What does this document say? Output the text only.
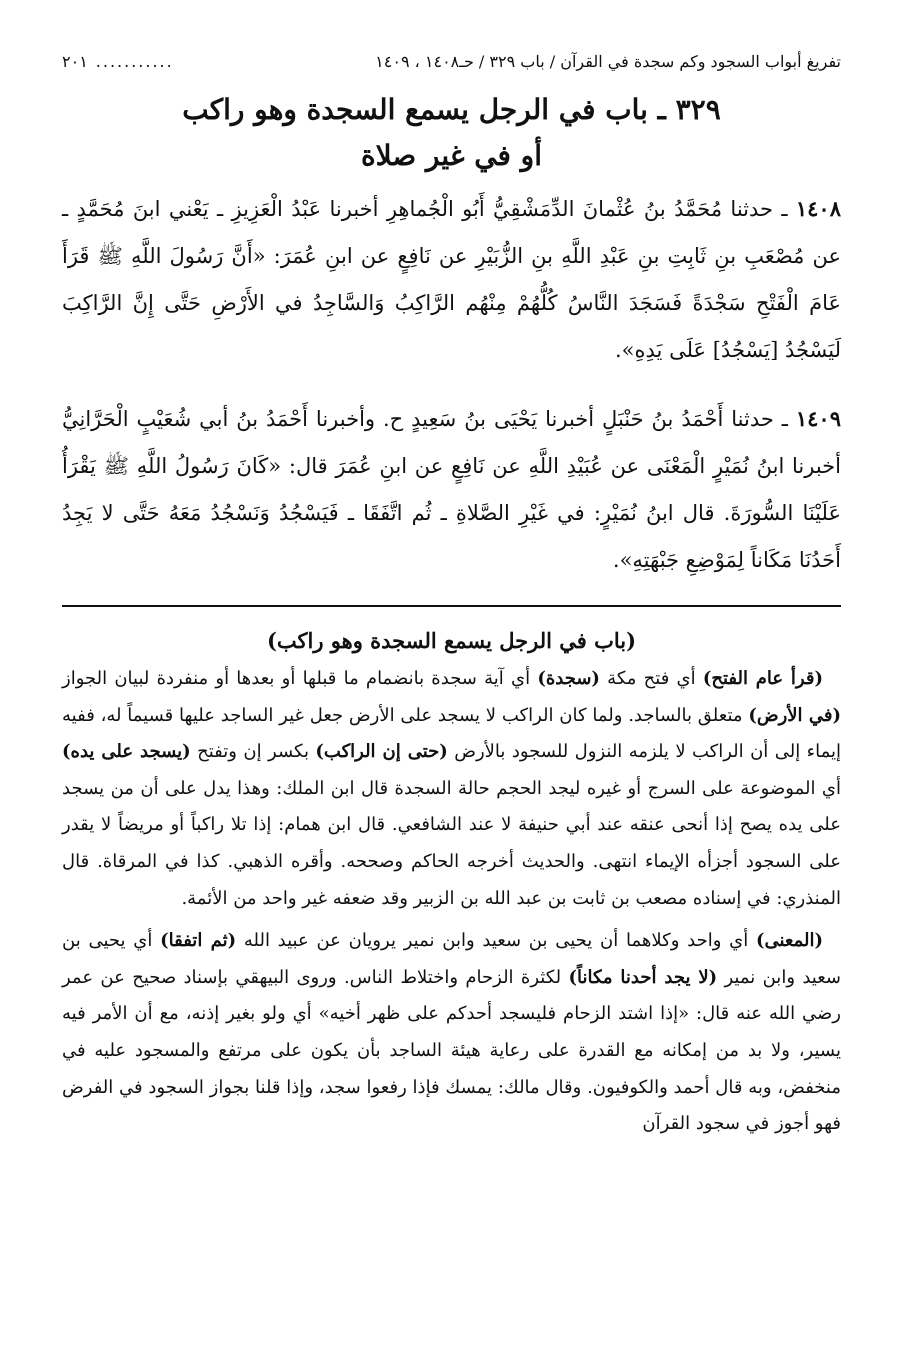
تفريغ أبواب السجود وكم سجدة في القرآن / باب ٣٢٩ / حـ١٤٠٨ ، ١٤٠٩
...........
٢٠١
٣٢٩ ـ باب في الرجل يسمع السجدة وهو راكب
أو في غير صلاة

١٤٠٨ ـ حدثنا مُحَمَّدُ بنُ عُثْمانَ الدِّمَشْقِيُّ أَبُو الْجُماهِرِ أخبرنا عَبْدُ الْعَزِيزِ ـ يَعْني ابنَ مُحَمَّدٍ ـ عن مُصْعَبِ بنِ ثَابِتِ بنِ عَبْدِ اللَّهِ بنِ الزُّبَيْرِ عن نَافِعٍ عن ابنِ عُمَرَ: «أَنَّ رَسُولَ اللَّهِ ﷺ قَرَأَ عَامَ الْفَتْحِ سَجْدَةً فَسَجَدَ النَّاسُ كُلُّهُمْ مِنْهُم الرَّاكِبُ وَالسَّاجِدُ في الأَرْضِ حَتَّى إِنَّ الرَّاكِبَ لَيَسْجُدُ [يَسْجُدُ] عَلَى يَدِهِ».

١٤٠٩ ـ حدثنا أَحْمَدُ بنُ حَنْبَلٍ أخبرنا يَحْيَى بنُ سَعِيدٍ ح. وأخبرنا أَحْمَدُ بنُ أبي شُعَيْبٍ الْحَرَّانِيُّ أخبرنا ابنُ نُمَيْرٍ الْمَعْنَى عن عُبَيْدِ اللَّهِ عن نَافِعٍ عن ابنِ عُمَرَ قال: «كَانَ رَسُولُ اللَّهِ ﷺ يَقْرَأُ عَلَيْنَا السُّورَةَ. قال ابنُ نُمَيْرٍ: في غَيْرِ الصَّلاةِ ـ ثُم اتَّفَقَا ـ فَيَسْجُدُ وَنَسْجُدُ مَعَهُ حَتَّى لا يَجِدُ أَحَدُنَا مَكَاناً لِمَوْضِعِ جَبْهَتِهِ».

(باب في الرجل يسمع السجدة وهو راكب)

(قرأ عام الفتح) أي فتح مكة (سجدة) أي آية سجدة بانضمام ما قبلها أو بعدها أو منفردة لبيان الجواز (في الأرض) متعلق بالساجد. ولما كان الراكب لا يسجد على الأرض جعل غير الساجد عليها قسيماً له، ففيه إيماء إلى أن الراكب لا يلزمه النزول للسجود بالأرض (حتى إن الراكب) بكسر إن وتفتح (يسجد على يده) أي الموضوعة على السرج أو غيره ليجد الحجم حالة السجدة قال ابن الملك: وهذا يدل على أن من يسجد على يده يصح إذا أنحى عنقه عند أبي حنيفة لا عند الشافعي. قال ابن همام: إذا تلا راكباً أو مريضاً لا يقدر على السجود أجزأه الإيماء انتهى. والحديث أخرجه الحاكم وصححه. وأقره الذهبي. كذا في المرقاة. قال المنذري: في إسناده مصعب بن ثابت بن عبد الله بن الزبير وقد ضعفه غير واحد من الأئمة.

(المعنى) أي واحد وكلاهما أن يحيى بن سعيد وابن نمير يرويان عن عبيد الله (ثم اتفقا) أي يحيى بن سعيد وابن نمير (لا يجد أحدنا مكاناً) لكثرة الزحام واختلاط الناس. وروى البيهقي بإسناد صحيح عن عمر رضي الله عنه قال: «إذا اشتد الزحام فليسجد أحدكم على ظهر أخيه» أي ولو بغير إذنه، مع أن الأمر فيه يسير، ولا بد من إمكانه مع القدرة على رعاية هيئة الساجد بأن يكون على مرتفع والمسجود عليه في منخفض، وبه قال أحمد والكوفيون. وقال مالك: يمسك فإذا رفعوا سجد، وإذا قلنا بجواز السجود في الفرض فهو أجوز في سجود القرآن
